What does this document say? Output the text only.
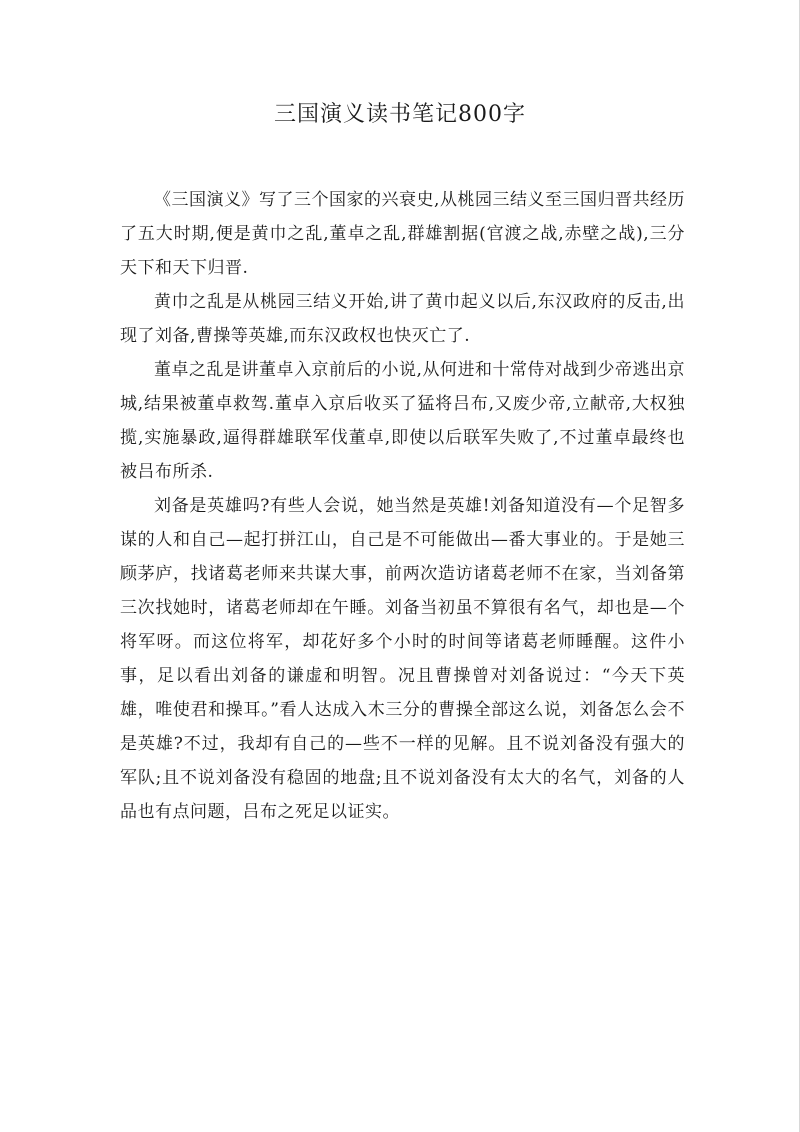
三国演义读书笔记800字

《三国演义》写了三个国家的兴衰史,从桃园三结义至三国归晋共经历了五大时期,便是黄巾之乱,董卓之乱,群雄割据(官渡之战,赤壁之战),三分天下和天下归晋.

黄巾之乱是从桃园三结义开始,讲了黄巾起义以后,东汉政府的反击,出现了刘备,曹操等英雄,而东汉政权也快灭亡了.

董卓之乱是讲董卓入京前后的小说,从何进和十常侍对战到少帝逃出京城,结果被董卓救驾.董卓入京后收买了猛将吕布,又废少帝,立献帝,大权独揽,实施暴政,逼得群雄联军伐董卓,即使以后联军失败了,不过董卓最终也被吕布所杀.

刘备是英雄吗?有些人会说，她当然是英雄!刘备知道没有—个足智多谋的人和自己—起打拼江山，自己是不可能做出—番大事业的。于是她三顾茅庐，找诸葛老师来共谋大事，前两次造访诸葛老师不在家，当刘备第三次找她时，诸葛老师却在午睡。刘备当初虽不算很有名气，却也是—个将军呀。而这位将军，却花好多个小时的时间等诸葛老师睡醒。这件小事，足以看出刘备的谦虚和明智。况且曹操曾对刘备说过：“今天下英雄，唯使君和操耳。”看人达成入木三分的曹操全部这么说，刘备怎么会不是英雄?不过，我却有自己的—些不一样的见解。且不说刘备没有强大的军队;且不说刘备没有稳固的地盘;且不说刘备没有太大的名气，刘备的人品也有点问题，吕布之死足以证实。
